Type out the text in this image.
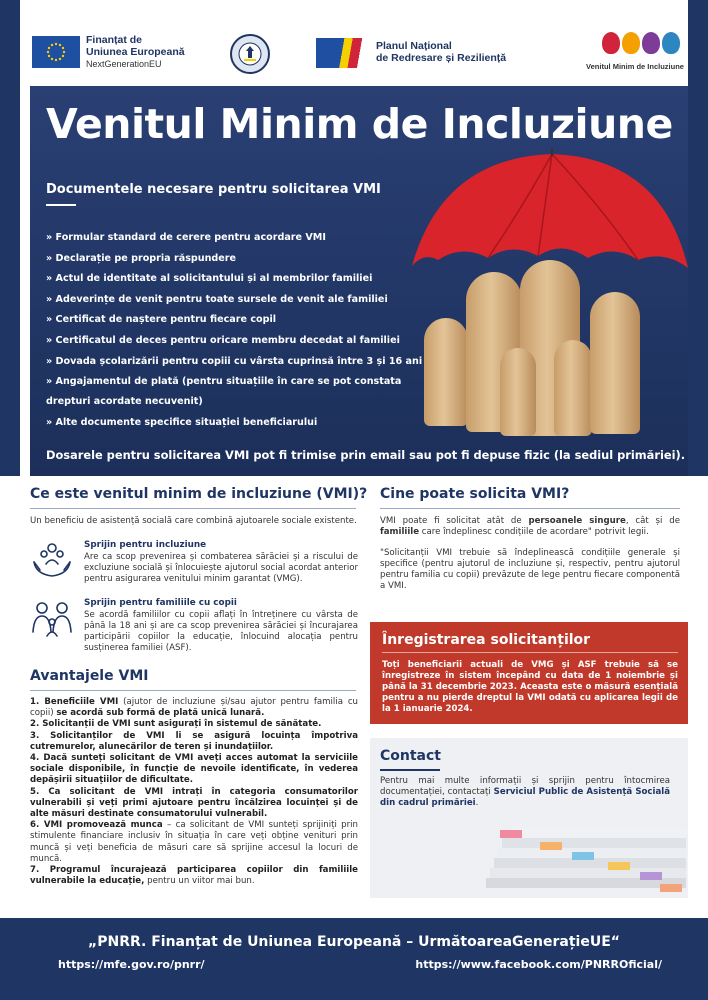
Finanțat de
Uniunea Europeană
NextGenerationEU
Planul Național
de Redresare și Reziliență
Venitul Minim de Incluziune
Venitul Minim de Incluziune
Documentele necesare pentru solicitarea VMI
» Formular standard de cerere pentru acordare VMI
» Declarație pe propria răspundere
» Actul de identitate al solicitantului și al membrilor familiei
» Adeverințe de venit pentru toate sursele de venit ale familiei
» Certificat de naștere pentru fiecare copil
» Certificatul de deces pentru oricare membru decedat al familiei
» Dovada școlarizării pentru copiii cu vârsta cuprinsă între 3 și 16 ani
» Angajamentul de plată (pentru situațiile în care se pot constata
drepturi acordate necuvenit)
» Alte documente specifice situației beneficiarului
Dosarele pentru solicitarea VMI pot fi trimise prin email sau pot fi depuse fizic (la sediul primăriei).
Ce este venitul minim de incluziune (VMI)?
Un beneficiu de asistență socială care combină ajutoarele sociale existente.
Sprijin pentru incluziune
Are ca scop prevenirea și combaterea sărăciei și a riscului de excluziune socială și înlocuiește ajutorul social acordat anterior pentru asigurarea venitului minim garantat (VMG).
Sprijin pentru familiile cu copii
Se acordă familiilor cu copii aflați în întreținere cu vârsta de până la 18 ani și are ca scop prevenirea sărăciei și încurajarea participării copiilor la educație, înlocuind alocația pentru susținerea familiei (ASF).
Avantajele VMI

1. Beneficiile VMI (ajutor de incluziune și/sau ajutor pentru familia cu copii) se acordă sub formă de plată unică lunară.

2. Solicitanții de VMI sunt asigurați în sistemul de sănătate.

3. Solicitanților de VMI li se asigură locuința împotriva cutremurelor, alunecărilor de teren și inundațiilor.

4. Dacă sunteți solicitant de VMI aveți acces automat la serviciile sociale disponibile, în funcție de nevoile identificate, în vederea depășirii situațiilor de dificultate.

5. Ca solicitant de VMI intrați în categoria consumatorilor vulnerabili și veți primi ajutoare pentru încălzirea locuinței și de alte măsuri destinate consumatorului vulnerabil.

6. VMI promovează munca – ca solicitant de VMI sunteți sprijiniți prin stimulente financiare inclusiv în situația în care veți obține venituri prin muncă și veți beneficia de măsuri care să sprijine accesul la locuri de muncă.

7. Programul încurajează participarea copiilor din familiile vulnerabile la educație, pentru un viitor mai bun.

Cine poate solicita VMI?
VMI poate fi solicitat atât de persoanele singure, cât și de familiile care îndeplinesc condițiile de acordare" potrivit legii.
"Solicitanții VMI trebuie să îndeplinească condițiile generale și specifice (pentru ajutorul de incluziune și, respectiv, pentru ajutorul pentru familia cu copii) prevăzute de lege pentru fiecare componentă a VMI.
Înregistrarea solicitanților
Toți beneficiarii actuali de VMG și ASF trebuie să se înregistreze în sistem începând cu data de 1 noiembrie și până la 31 decembrie 2023. Aceasta este o măsură esențială pentru a nu pierde dreptul la VMI odată cu aplicarea legii de la 1 ianuarie 2024.
Contact
Pentru mai multe informații și sprijin pentru întocmirea documentației, contactați Serviciul Public de Asistență Socială din cadrul primăriei.
„PNRR. Finanțat de Uniunea Europeană – UrmătoareaGenerațieUE“
https://mfe.gov.ro/pnrr/	https://www.facebook.com/PNRROficial/
